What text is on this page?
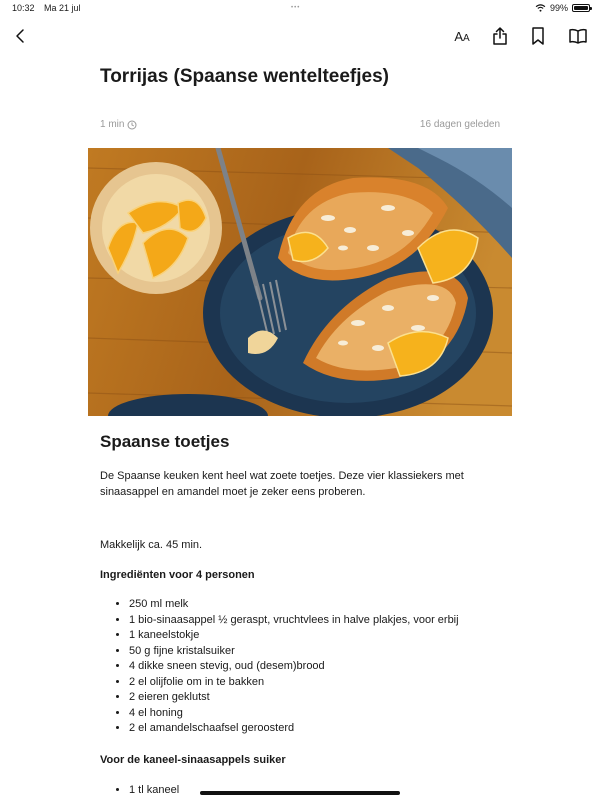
10:32 Ma 21 jul	•••	99%
AA
Torrijas (Spaanse wentelteefjes)
1 min	16 dagen geleden
Spaanse toetjes

De Spaanse keuken kent heel wat zoete toetjes. Deze vier klassiekers met sinaasappel en amandel moet je zeker eens proberen.

Makkelijk ca. 45 min.
Ingrediënten voor 4 personen
• 250 ml melk
• 1 bio-sinaasappel ½ geraspt, vruchtvlees in halve plakjes, voor erbij
• 1 kaneelstokje
• 50 g fijne kristalsuiker
• 4 dikke sneen stevig, oud (desem)brood
• 2 el olijfolie om in te bakken
• 2 eieren geklutst
• 4 el honing
• 2 el amandelschaafsel geroosterd
Voor de kaneel-sinaasappels suiker
• 1 tl kaneel
